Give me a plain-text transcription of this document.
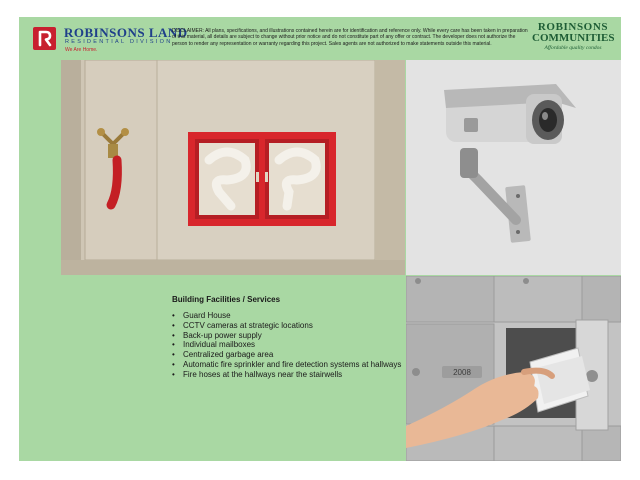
ROBINSONS LAND
RESIDENTIAL DIVISION
We Are Home.
DISCLAIMER: All plans, specifications, and illustrations contained herein are for identification and reference only. While every care has been taken in preparation of this material, all details are subject to change without prior notice and do not constitute part of any offer or contract. The developer does not authorize the person to render any representation or warranty regarding this project. Sales agents are not authorized to make statements outside this material.
ROBINSONS
COMMUNITIES
Affordable quality condos
2008
Building Facilities / Services
• Guard House
• CCTV cameras at strategic locations
• Back-up power supply
• Individual mailboxes
• Centralized garbage area
• Automatic fire sprinkler and fire detection systems at hallways
• Fire hoses at the hallways near the stairwells
